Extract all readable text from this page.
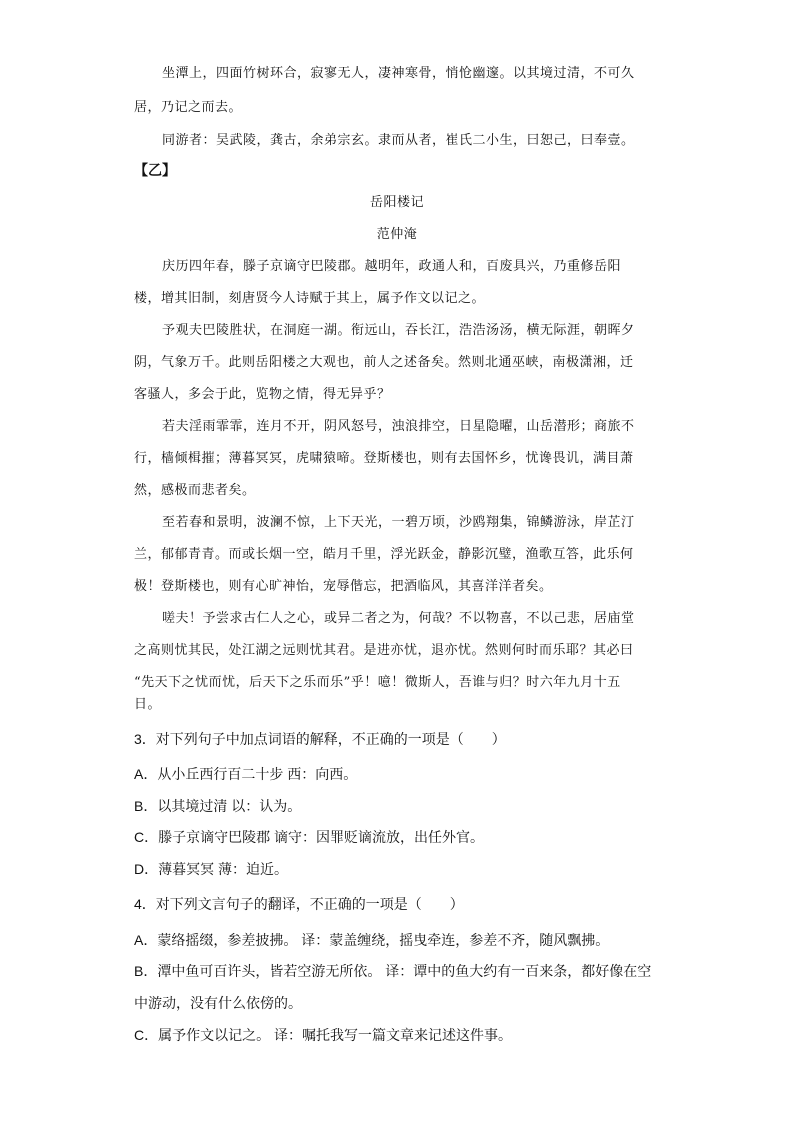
坐潭上，四面竹树环合，寂寥无人，凄神寒骨，悄怆幽邃。以其境过清，不可久
居，乃记之而去。
同游者：吴武陵，龚古，余弟宗玄。隶而从者，崔氏二小生，曰恕己，曰奉壹。
【乙】
岳阳楼记
范仲淹
庆历四年春，滕子京谪守巴陵郡。越明年，政通人和，百废具兴，乃重修岳阳
楼，增其旧制，刻唐贤今人诗赋于其上，属予作文以记之。
予观夫巴陵胜状，在洞庭一湖。衔远山，吞长江，浩浩汤汤，横无际涯，朝晖夕
阴，气象万千。此则岳阳楼之大观也，前人之述备矣。然则北通巫峡，南极潇湘，迁
客骚人，多会于此，览物之情，得无异乎？
若夫淫雨霏霏，连月不开，阴风怒号，浊浪排空，日星隐曜，山岳潜形；商旅不
行，樯倾楫摧；薄暮冥冥，虎啸猿啼。登斯楼也，则有去国怀乡，忧谗畏讥，满目萧
然，感极而悲者矣。
至若春和景明，波澜不惊，上下天光，一碧万顷，沙鸥翔集，锦鳞游泳，岸芷汀
兰，郁郁青青。而或长烟一空，皓月千里，浮光跃金，静影沉璧，渔歌互答，此乐何
极！登斯楼也，则有心旷神怡，宠辱偕忘，把酒临风，其喜洋洋者矣。
嗟夫！予尝求古仁人之心，或异二者之为，何哉？不以物喜，不以己悲，居庙堂
之高则忧其民，处江湖之远则忧其君。是进亦忧，退亦忧。然则何时而乐耶？其必曰
“先天下之忧而忧，后天下之乐而乐”乎！噫！微斯人，吾谁与归？时六年九月十五
日。
3．对下列句子中加点词语的解释，不正确的一项是（　　）
A．从小丘西行百二十步 西：向西。
B．以其境过清 以：认为。
C．滕子京谪守巴陵郡 谪守：因罪贬谪流放，出任外官。
D．薄暮冥冥 薄：迫近。
4．对下列文言句子的翻译，不正确的一项是（　　）
A．蒙络摇缀，参差披拂。 译：蒙盖缠绕，摇曳牵连，参差不齐，随风飘拂。
B．潭中鱼可百许头，皆若空游无所依。 译：谭中的鱼大约有一百来条，都好像在空
中游动，没有什么依傍的。
C．属予作文以记之。 译：嘱托我写一篇文章来记述这件事。
